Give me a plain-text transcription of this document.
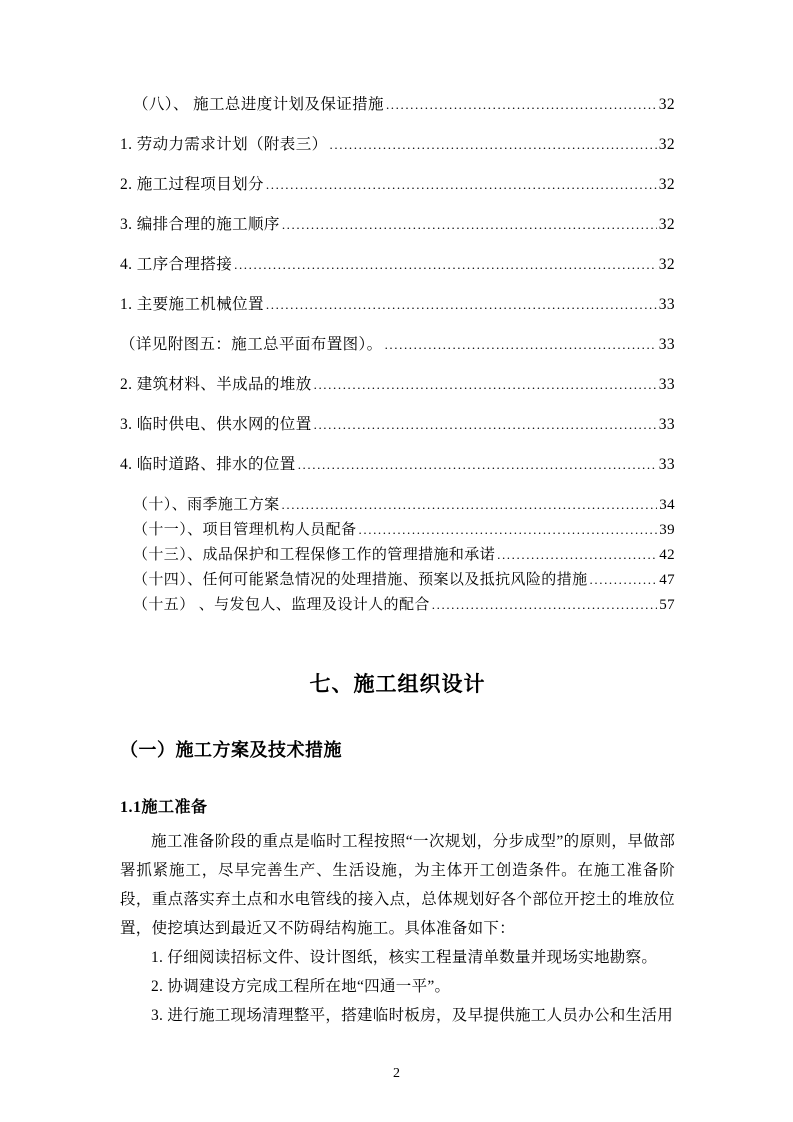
（八）、 施工总进度计划及保证措施 .....	32
1. 劳动力需求计划（附表三） .....	32
2. 施工过程项目划分 .....	32
3. 编排合理的施工顺序 .....	32
4. 工序合理搭接 .....	32
1. 主要施工机械位置 .....	33
（详见附图五：施工总平面布置图）。 .....	33
2. 建筑材料、半成品的堆放 .....	33
3. 临时供电、供水网的位置 .....	33
4. 临时道路、排水的位置 .....	33
（十）、雨季施工方案 .....	34
（十一）、项目管理机构人员配备 .....	39
（十三）、成品保护和工程保修工作的管理措施和承诺 .....	42
（十四）、任何可能紧急情况的处理措施、预案以及抵抗风险的措施 .....	47
（十五） 、与发包人、监理及设计人的配合 .....	57
七、施工组织设计
（一）施工方案及技术措施
1.1施工准备

施工准备阶段的重点是临时工程按照“一次规划，分步成型”的原则，早做部署抓紧施工，尽早完善生产、生活设施，为主体开工创造条件。在施工准备阶段，重点落实弃土点和水电管线的接入点，总体规划好各个部位开挖土的堆放位置，使挖填达到最近又不防碍结构施工。具体准备如下：

1. 仔细阅读招标文件、设计图纸，核实工程量清单数量并现场实地勘察。

2. 协调建设方完成工程所在地“四通一平”。

3. 进行施工现场清理整平，搭建临时板房，及早提供施工人员办公和生活用

2
